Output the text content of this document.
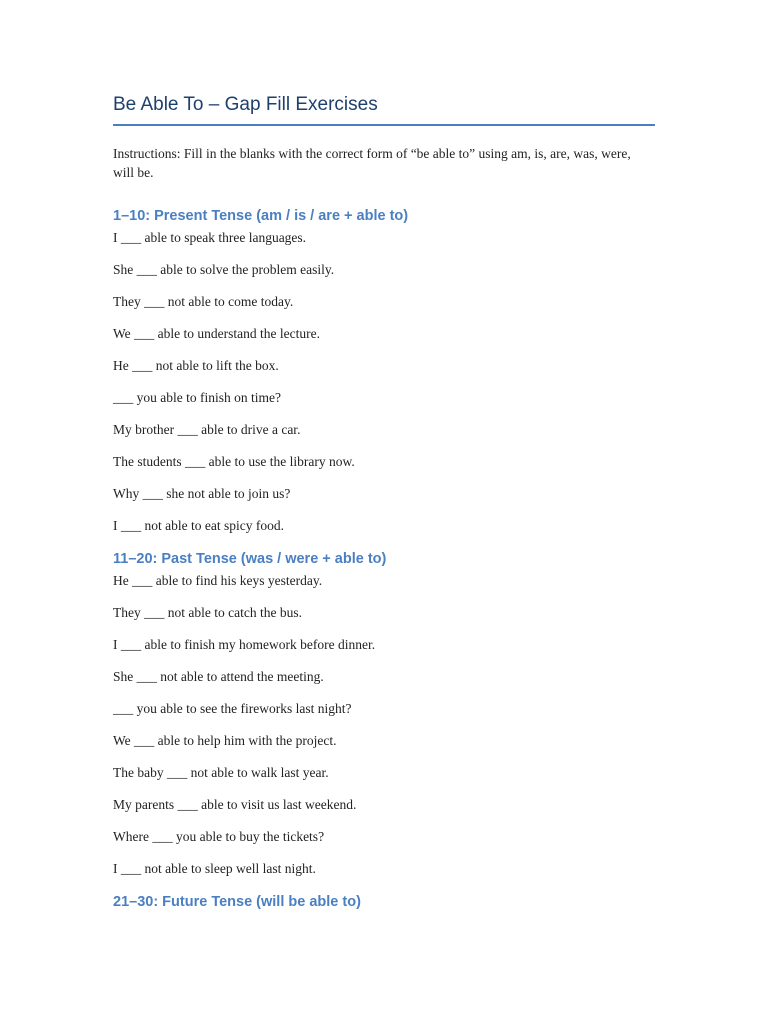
Be Able To – Gap Fill Exercises

Instructions: Fill in the blanks with the correct form of “be able to” using am, is, are, was, were, will be.

1–10: Present Tense (am / is / are + able to)

I ___ able to speak three languages.

She ___ able to solve the problem easily.

They ___ not able to come today.

We ___ able to understand the lecture.

He ___ not able to lift the box.

___ you able to finish on time?

My brother ___ able to drive a car.

The students ___ able to use the library now.

Why ___ she not able to join us?

I ___ not able to eat spicy food.

11–20: Past Tense (was / were + able to)

He ___ able to find his keys yesterday.

They ___ not able to catch the bus.

I ___ able to finish my homework before dinner.

She ___ not able to attend the meeting.

___ you able to see the fireworks last night?

We ___ able to help him with the project.

The baby ___ not able to walk last year.

My parents ___ able to visit us last weekend.

Where ___ you able to buy the tickets?

I ___ not able to sleep well last night.

21–30: Future Tense (will be able to)
